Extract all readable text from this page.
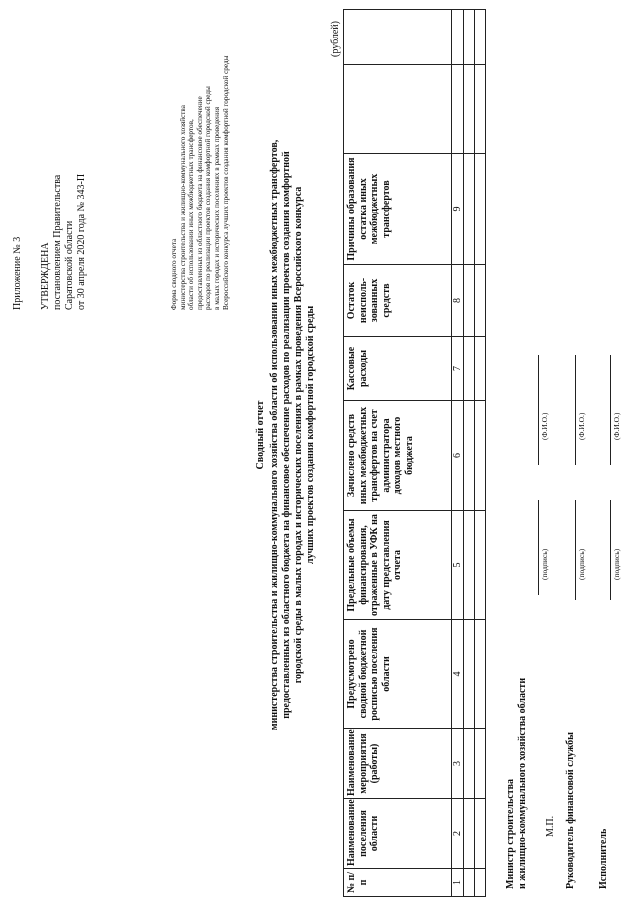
Приложение № 3 УТВЕРЖДЕНА постановлением Правительства Саратовской области от 30 апреля 2020 года № 343-П	Форма сводного отчета министерства строительства и жилищно-коммунального хозяйства области об использовании иных межбюджетных трансфертов, предоставленных из областного бюджета на финансовое обеспечение расходов по реализации проектов создания комфортной городской среды в малых городах и исторических поселениях в рамках проведения Всероссийского конкурса лучших проектов создания комфортной городской среды
Сводный отчет министерства строительства и жилищно-коммунального хозяйства области об использовании иных межбюджетных трансфертов, предоставленных из областного бюджета на финансовое обеспечение расходов по реализации проектов создания комфортной городской среды в малых городах и исторических поселениях в рамках проведения Всероссийского конкурса лучших проектов создания комфортной городской среды
(рублей)
№ п/п	Наименование поселения области	Наименование мероприятия (работы)	Предусмотрено сводной бюджетной росписью поселения области	Предельные объемы финансирования, отраженные в УФК на дату представления отчета	Зачислено средств иных межбюджетных трансфертов на счет администратора доходов местного бюджета	Кассовые расходы	Остаток неисполь-зованных средств	Причины образования остатка иных межбюджетных трансфертов		
1	2	3	4	5	6	7	8	9		

Министр строительства и жилищно-коммунального хозяйства области
(подпись)
(Ф.И.О.)
М.П. Руководитель финансовой службы
(подпись)
(Ф.И.О.)
Исполнитель
(подпись)
(Ф.И.О.)
